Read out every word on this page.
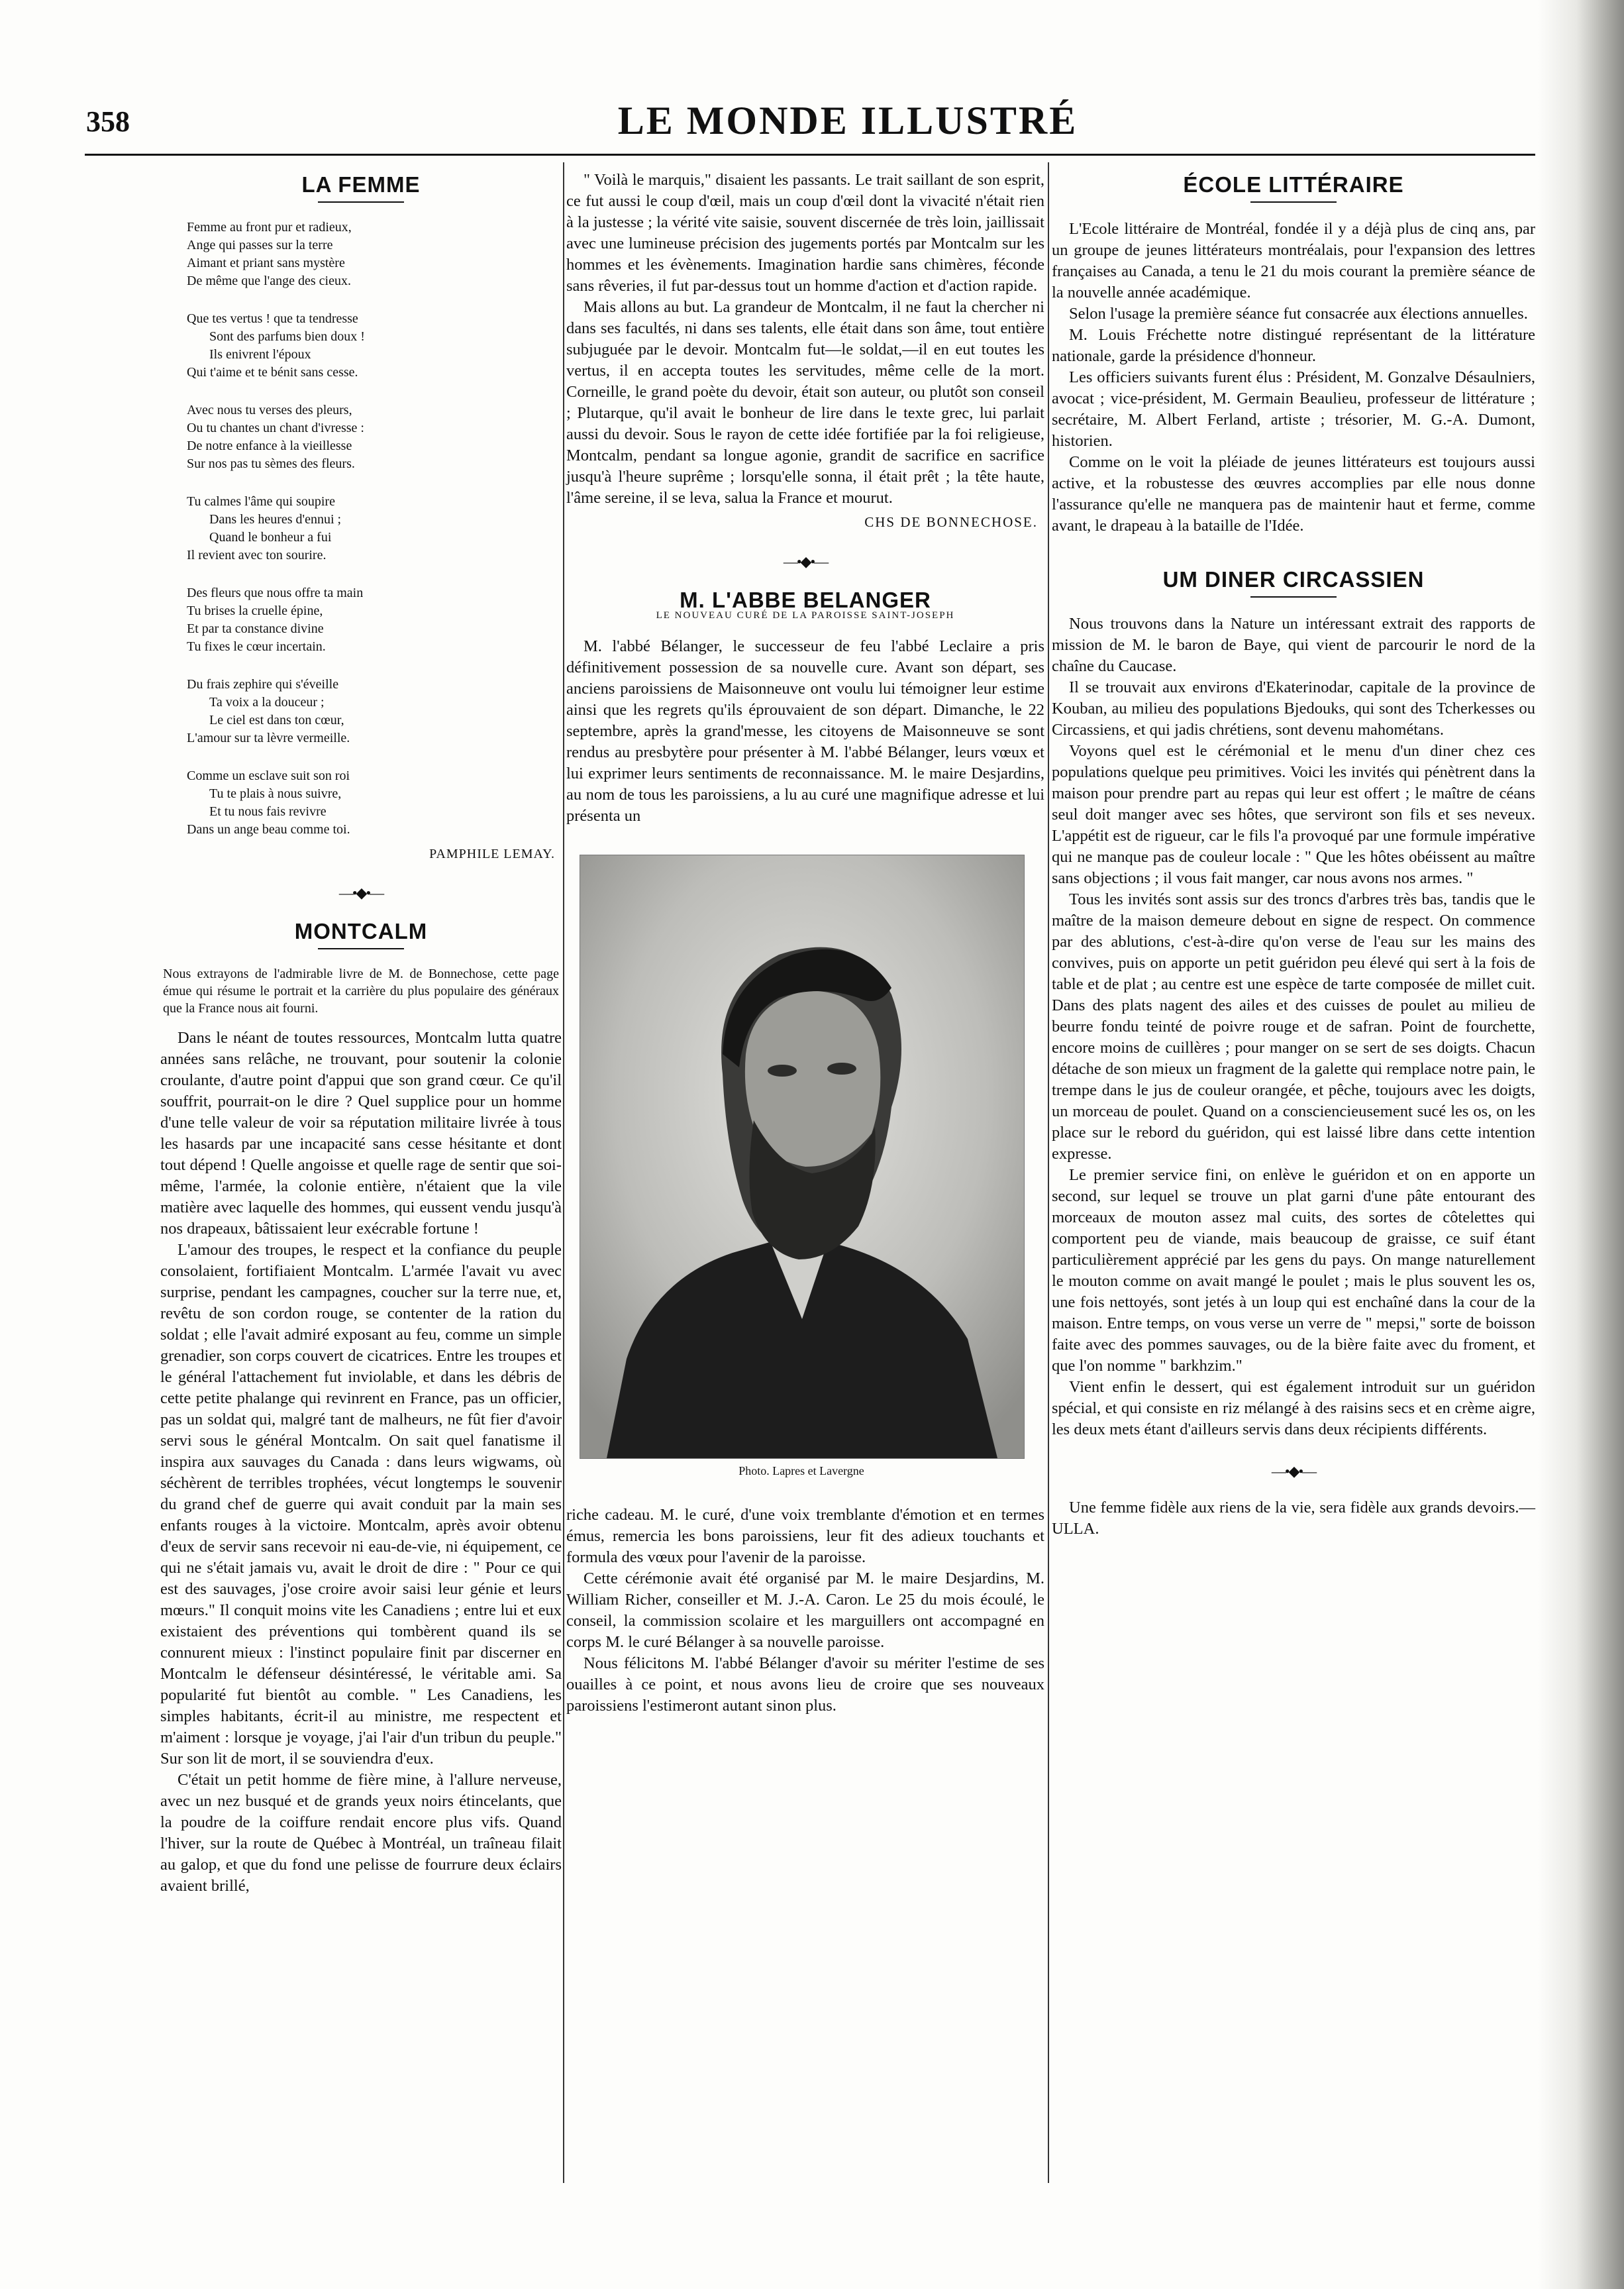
358	LE MONDE ILLUSTRÉ
LA FEMME
Femme au front pur et radieux,
Ange qui passes sur la terre
Aimant et priant sans mystère
De même que l'ange des cieux.
Que tes vertus ! que ta tendresse
Sont des parfums bien doux !
Ils enivrent l'époux
Qui t'aime et te bénit sans cesse.
Avec nous tu verses des pleurs,
Ou tu chantes un chant d'ivresse :
De notre enfance à la vieillesse
Sur nos pas tu sèmes des fleurs.
Tu calmes l'âme qui soupire
Dans les heures d'ennui ;
Quand le bonheur a fui
Il revient avec ton sourire.
Des fleurs que nous offre ta main
Tu brises la cruelle épine,
Et par ta constance divine
Tu fixes le cœur incertain.
Du frais zephire qui s'éveille
Ta voix a la douceur ;
Le ciel est dans ton cœur,
L'amour sur ta lèvre vermeille.
Comme un esclave suit son roi
Tu te plais à nous suivre,
Et tu nous fais revivre
Dans un ange beau comme toi.
PAMPHILE LEMAY.
—•◆•—
MONTCALM
Nous extrayons de l'admirable livre de M. de Bonnechose, cette page émue qui résume le portrait et la carrière du plus populaire des généraux que la France nous ait fourni.

Dans le néant de toutes ressources, Montcalm lutta quatre années sans relâche, ne trouvant, pour soutenir la colonie croulante, d'autre point d'appui que son grand cœur. Ce qu'il souffrit, pourrait-on le dire ? Quel supplice pour un homme d'une telle valeur de voir sa réputation militaire livrée à tous les hasards par une incapacité sans cesse hésitante et dont tout dépend ! Quelle angoisse et quelle rage de sentir que soi-même, l'armée, la colonie entière, n'étaient que la vile matière avec laquelle des hommes, qui eussent vendu jusqu'à nos drapeaux, bâtissaient leur exécrable fortune !

L'amour des troupes, le respect et la confiance du peuple consolaient, fortifiaient Montcalm. L'armée l'avait vu avec surprise, pendant les campagnes, coucher sur la terre nue, et, revêtu de son cordon rouge, se contenter de la ration du soldat ; elle l'avait admiré exposant au feu, comme un simple grenadier, son corps couvert de cicatrices. Entre les troupes et le général l'attachement fut inviolable, et dans les débris de cette petite phalange qui revinrent en France, pas un officier, pas un soldat qui, malgré tant de malheurs, ne fût fier d'avoir servi sous le général Montcalm. On sait quel fanatisme il inspira aux sauvages du Canada : dans leurs wigwams, où séchèrent de terribles trophées, vécut longtemps le souvenir du grand chef de guerre qui avait conduit par la main ses enfants rouges à la victoire. Montcalm, après avoir obtenu d'eux de servir sans recevoir ni eau-de-vie, ni équipement, ce qui ne s'était jamais vu, avait le droit de dire : " Pour ce qui est des sauvages, j'ose croire avoir saisi leur génie et leurs mœurs." Il conquit moins vite les Canadiens ; entre lui et eux existaient des préventions qui tombèrent quand ils se connurent mieux : l'instinct populaire finit par discerner en Montcalm le défenseur désintéressé, le véritable ami. Sa popularité fut bientôt au comble. " Les Canadiens, les simples habitants, écrit-il au ministre, me respectent et m'aiment : lorsque je voyage, j'ai l'air d'un tribun du peuple." Sur son lit de mort, il se souviendra d'eux.

C'était un petit homme de fière mine, à l'allure nerveuse, avec un nez busqué et de grands yeux noirs étincelants, que la poudre de la coiffure rendait encore plus vifs. Quand l'hiver, sur la route de Québec à Montréal, un traîneau filait au galop, et que du fond une pelisse de fourrure deux éclairs avaient brillé,

" Voilà le marquis," disaient les passants. Le trait saillant de son esprit, ce fut aussi le coup d'œil, mais un coup d'œil dont la vivacité n'était rien à la justesse ; la vérité vite saisie, souvent discernée de très loin, jaillissait avec une lumineuse précision des jugements portés par Montcalm sur les hommes et les évènements. Imagination hardie sans chimères, féconde sans rêveries, il fut par-dessus tout un homme d'action et d'action rapide.

Mais allons au but. La grandeur de Montcalm, il ne faut la chercher ni dans ses facultés, ni dans ses talents, elle était dans son âme, tout entière subjuguée par le devoir. Montcalm fut—le soldat,—il en eut toutes les vertus, il en accepta toutes les servitudes, même celle de la mort. Corneille, le grand poète du devoir, était son auteur, ou plutôt son conseil ; Plutarque, qu'il avait le bonheur de lire dans le texte grec, lui parlait aussi du devoir. Sous le rayon de cette idée fortifiée par la foi religieuse, Montcalm, pendant sa longue agonie, grandit de sacrifice en sacrifice jusqu'à l'heure suprême ; lorsqu'elle sonna, il était prêt ; la tête haute, l'âme sereine, il se leva, salua la France et mourut.

CHS DE BONNECHOSE.
—•◆•—
M. L'ABBE BELANGER
LE NOUVEAU CURÉ DE LA PAROISSE SAINT-JOSEPH

M. l'abbé Bélanger, le successeur de feu l'abbé Leclaire a pris définitivement possession de sa nouvelle cure. Avant son départ, ses anciens paroissiens de Maisonneuve ont voulu lui témoigner leur estime ainsi que les regrets qu'ils éprouvaient de son départ. Dimanche, le 22 septembre, après la grand'messe, les citoyens de Maisonneuve se sont rendus au presbytère pour présenter à M. l'abbé Bélanger, leurs vœux et lui exprimer leurs sentiments de reconnaissance. M. le maire Desjardins, au nom de tous les paroissiens, a lu au curé une magnifique adresse et lui présenta un

Photo. Lapres et Lavergne

riche cadeau. M. le curé, d'une voix tremblante d'émotion et en termes émus, remercia les bons paroissiens, leur fit des adieux touchants et formula des vœux pour l'avenir de la paroisse.

Cette cérémonie avait été organisé par M. le maire Desjardins, M. William Richer, conseiller et M. J.-A. Caron. Le 25 du mois écoulé, le conseil, la commission scolaire et les marguillers ont accompagné en corps M. le curé Bélanger à sa nouvelle paroisse.

Nous félicitons M. l'abbé Bélanger d'avoir su mériter l'estime de ses ouailles à ce point, et nous avons lieu de croire que ses nouveaux paroissiens l'estimeront autant sinon plus.

ÉCOLE LITTÉRAIRE

L'Ecole littéraire de Montréal, fondée il y a déjà plus de cinq ans, par un groupe de jeunes littérateurs montréalais, pour l'expansion des lettres françaises au Canada, a tenu le 21 du mois courant la première séance de la nouvelle année académique.

Selon l'usage la première séance fut consacrée aux élections annuelles.

M. Louis Fréchette notre distingué représentant de la littérature nationale, garde la présidence d'honneur.

Les officiers suivants furent élus : Président, M. Gonzalve Désaulniers, avocat ; vice-président, M. Germain Beaulieu, professeur de littérature ; secrétaire, M. Albert Ferland, artiste ; trésorier, M. G.-A. Dumont, historien.

Comme on le voit la pléiade de jeunes littérateurs est toujours aussi active, et la robustesse des œuvres accomplies par elle nous donne l'assurance qu'elle ne manquera pas de maintenir haut et ferme, comme avant, le drapeau à la bataille de l'Idée.

UM DINER CIRCASSIEN

Nous trouvons dans la Nature un intéressant extrait des rapports de mission de M. le baron de Baye, qui vient de parcourir le nord de la chaîne du Caucase.

Il se trouvait aux environs d'Ekaterinodar, capitale de la province de Kouban, au milieu des populations Bjedouks, qui sont des Tcherkesses ou Circassiens, et qui jadis chrétiens, sont devenu mahométans.

Voyons quel est le cérémonial et le menu d'un diner chez ces populations quelque peu primitives. Voici les invités qui pénètrent dans la maison pour prendre part au repas qui leur est offert ; le maître de céans seul doit manger avec ses hôtes, que serviront son fils et ses neveux. L'appétit est de rigueur, car le fils l'a provoqué par une formule impérative qui ne manque pas de couleur locale : " Que les hôtes obéissent au maître sans objections ; il vous fait manger, car nous avons nos armes. "

Tous les invités sont assis sur des troncs d'arbres très bas, tandis que le maître de la maison demeure debout en signe de respect. On commence par des ablutions, c'est-à-dire qu'on verse de l'eau sur les mains des convives, puis on apporte un petit guéridon peu élevé qui sert à la fois de table et de plat ; au centre est une espèce de tarte composée de millet cuit. Dans des plats nagent des ailes et des cuisses de poulet au milieu de beurre fondu teinté de poivre rouge et de safran. Point de fourchette, encore moins de cuillères ; pour manger on se sert de ses doigts. Chacun détache de son mieux un fragment de la galette qui remplace notre pain, le trempe dans le jus de couleur orangée, et pêche, toujours avec les doigts, un morceau de poulet. Quand on a consciencieusement sucé les os, on les place sur le rebord du guéridon, qui est laissé libre dans cette intention expresse.

Le premier service fini, on enlève le guéridon et on en apporte un second, sur lequel se trouve un plat garni d'une pâte entourant des morceaux de mouton assez mal cuits, des sortes de côtelettes qui comportent peu de viande, mais beaucoup de graisse, ce suif étant particulièrement apprécié par les gens du pays. On mange naturellement le mouton comme on avait mangé le poulet ; mais le plus souvent les os, une fois nettoyés, sont jetés à un loup qui est enchaîné dans la cour de la maison. Entre temps, on vous verse un verre de " mepsi," sorte de boisson faite avec des pommes sauvages, ou de la bière faite avec du froment, et que l'on nomme " barkhzim."

Vient enfin le dessert, qui est également introduit sur un guéridon spécial, et qui consiste en riz mélangé à des raisins secs et en crème aigre, les deux mets étant d'ailleurs servis dans deux récipients différents.

—•◆•—

Une femme fidèle aux riens de la vie, sera fidèle aux grands devoirs.—ULLA.
